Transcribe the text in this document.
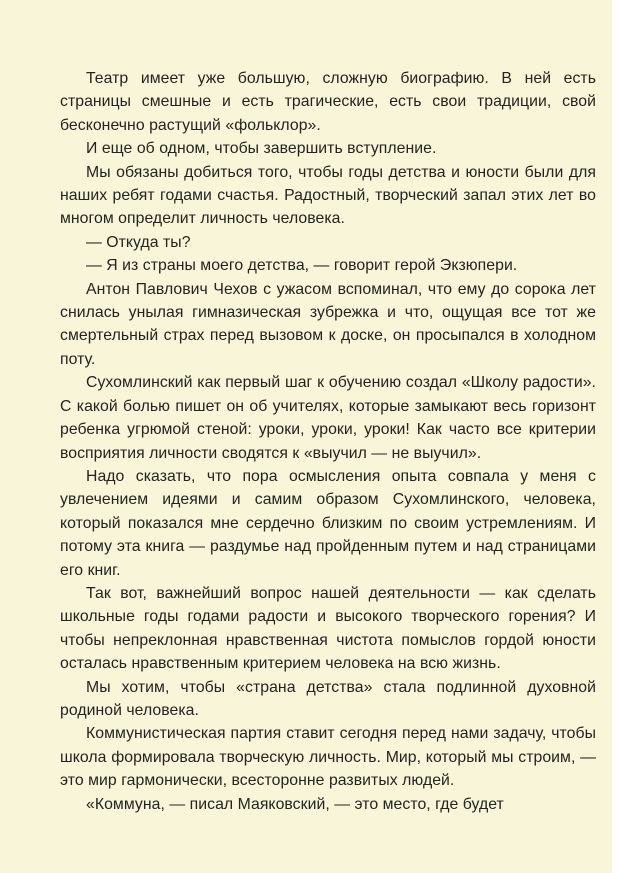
Театр имеет уже большую, сложную биографию. В ней есть страницы смешные и есть трагические, есть свои традиции, свой бесконечно растущий «фольклор».

И еще об одном, чтобы завершить вступление.

Мы обязаны добиться того, чтобы годы детства и юности были для наших ребят годами счастья. Радостный, творческий запал этих лет во многом определит личность человека.

— Откуда ты?

— Я из страны моего детства, — говорит герой Экзюпери.

Антон Павлович Чехов с ужасом вспоминал, что ему до сорока лет снилась унылая гимназическая зубрежка и что, ощущая все тот же смертельный страх перед вызовом к доске, он просыпался в холодном поту.

Сухомлинский как первый шаг к обучению создал «Школу радости». С какой болью пишет он об учителях, которые замыкают весь горизонт ребенка угрюмой стеной: уроки, уроки, уроки! Как часто все критерии восприятия личности сводятся к «выучил — не выучил».

Надо сказать, что пора осмысления опыта совпала у меня с увлечением идеями и самим образом Сухомлинского, человека, который показался мне сердечно близким по своим устремлениям. И потому эта книга — раздумье над пройденным путем и над страницами его книг.

Так вот, важнейший вопрос нашей деятельности — как сделать школьные годы годами радости и высокого творческого горения? И чтобы непреклонная нравственная чистота помыслов гордой юности осталась нравственным критерием человека на всю жизнь.

Мы хотим, чтобы «страна детства» стала подлинной духовной родиной человека.

Коммунистическая партия ставит сегодня перед нами задачу, чтобы школа формировала творческую личность. Мир, который мы строим, — это мир гармонически, всесторонне развитых людей.

«Коммуна, — писал Маяковский, — это место, где будет
